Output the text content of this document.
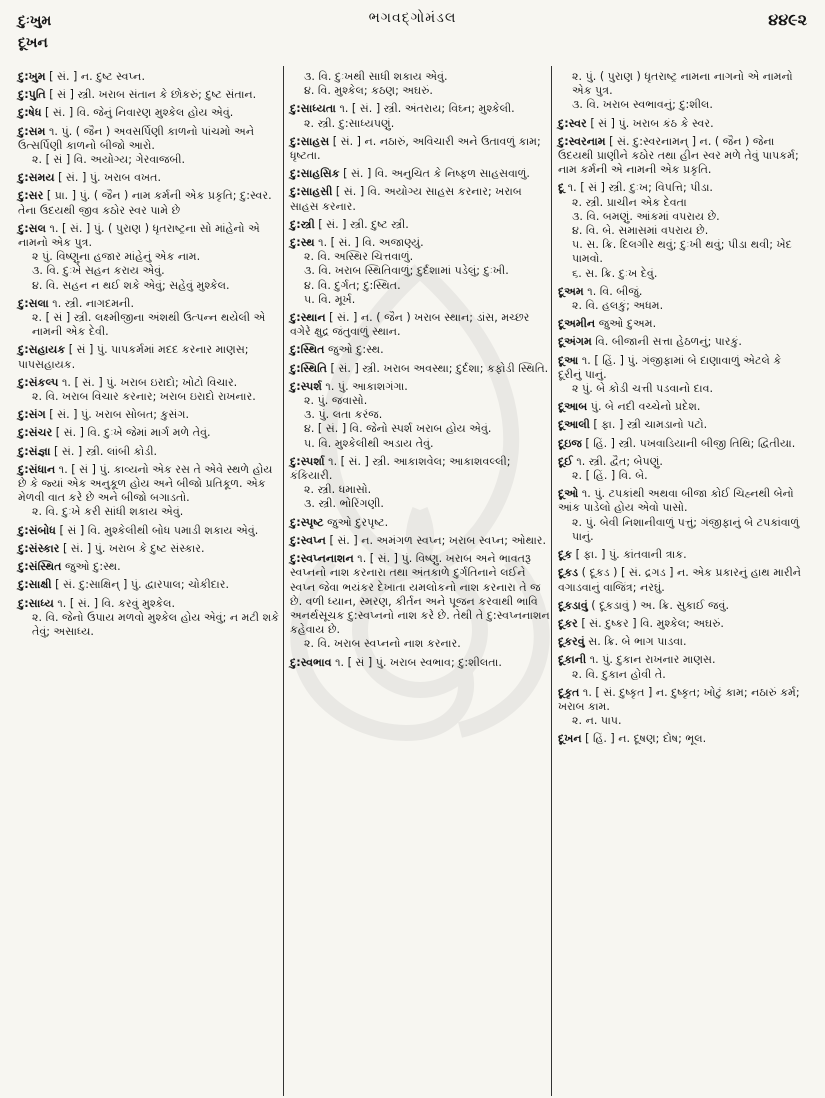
દુઃખુમ
દૂખન
ભગવદ્ગોમંડલ	૪૪૯૨
દુ:ખુમ [ સં. ] ન. દુષ્ટ સ્વપ્ન.
દુ:પુતિ [ સં ] સ્ત્રી. ખરાબ સંતાન કે છોકરું; દુષ્ટ સંતાન.
દુ:ષેધ [ સં. ] વિ. જેનું નિવારણ મુશ્કેલ હોય એવું.
દુ:સમ ૧. પું. ( જૈન ) અવસર્પિણી કાળનો પાંચમો અને ઉત્સર્પિણી કાળનો બીજો આરો.
૨. [ સં ] વિ. અયોગ્ય; ગેરવાજબી.
દુ:સમય [ સં. ] પું. ખરાબ વખત.
દુ:સર [ પ્રા. ] પું. ( જૈન ) નામ કર્મની એક પ્રકૃતિ; દુ:સ્વર. તેના ઉદયથી જીવ કઠોર સ્વર પામે છે
દુ:સલ ૧. [ સં. ] પું. ( પુરાણ ) ધૃતરાષ્ટ્રના સો માંહેનો એ નામનો એક પુત્ર.
૨ પું. વિષ્ણુના હજાર માંહેનું એક નામ.
૩. વિ. દુઃખે સહન કરાય એવું.
૪. વિ. સહન ન થઈ શકે એવું; સહેવું મુશ્કેલ.
દુ:સલા ૧. સ્ત્રી. નાગદમની.
૨. [ સં ] સ્ત્રી. લક્ષ્મીજીના અંશથી ઉત્પન્ન થયેલી એ નામની એક દેવી.
દુ:સહાયક [ સં ] પું. પાપકર્મમાં મદદ કરનાર માણસ; પાપસહાયક.
દુ:સંકલ્પ ૧. [ સં. ] પું. ખરાબ ઇરાદો; ખોટો વિચાર.
૨. વિ. ખરાબ વિચાર કરનાર; ખરાબ ઇરાદો રાખનાર.
દુ:સંગ [ સં. ] પું. ખરાબ સોબત; કુસંગ.
દુ:સંચર [ સં. ] વિ. દુઃખે જેમાં માર્ગ મળે તેવું.
દુ:સંજ્ઞા [ સં. ] સ્ત્રી. લાંબી કોડી.
દુ:સંધાન ૧. [ સં ] પું. કાવ્યનો એક રસ તે એવે સ્થળે હોય છે કે જ્યાં એક અનુકૂળ હોય અને બીજો પ્રતિકૂળ. એક મેળવી વાત કરે છે અને બીજો બગાડતો.
૨. વિ. દુઃખે કરી સાંધી શકાય એવું.
દુ:સંબોધ [ સં ] વિ. મુશ્કેલીથી બોધ પમાડી શકાય એવું.
દુ:સંસ્કાર [ સં. ] પું. ખરાબ કે દુષ્ટ સંસ્કાર.
દુ:સંસ્થિત જુઓ દુ:સ્થ.
દુ:સાક્ષી [ સં. દુ:સાક્ષિન્ ] પું. દ્વારપાલ; ચોકીદાર.
દુ:સાધ્ય ૧. [ સં. ] વિ. કરવું મુશ્કેલ.
૨. વિ. જેનો ઉપાય મળવો મુશ્કેલ હોય એવું; ન મટી શકે તેવું; અસાધ્ય.
૩. વિ. દુઃખથી સાધી શકાય એવું.
૪. વિ. મુશ્કેલ; કઠણ; અઘરું.
દુ:સાધ્યતા ૧. [ સં. ] સ્ત્રી. અંતરાય; વિઘ્ન; મુશ્કેલી.
૨. સ્ત્રી. દુ:સાધ્યપણું.
દુ:સાહસ [ સં. ] ન. નઠારું, અવિચારી અને ઉતાવળું કામ; ધૃષ્ટતા.
દુ:સાહસિક [ સં. ] વિ. અનુચિત કે નિષ્ફળ સાહસવાળું.
દુ:સાહસી [ સં. ] વિ. અયોગ્ય સાહસ કરનાર; ખરાબ સાહસ કરનાર.
દુ:સ્ત્રી [ સં. ] સ્ત્રી. દુષ્ટ સ્ત્રી.
દુ:સ્થ ૧. [ સં. ] વિ. અજાણ્યું.
૨. વિ. અસ્થિર ચિત્તવાળું.
૩. વિ. ખરાબ સ્થિતિવાળું; દુર્દશામાં પડેલું; દુઃખી.
૪. વિ. દુર્ગત; દુ:સ્થિત.
૫. વિ. મૂર્ખ.
દુ:સ્થાન [ સં. ] ન. ( જૈન ) ખરાબ સ્થાન; ડાંસ, મચ્છર વગેરે ક્ષુદ્ર જંતુવાળું સ્થાન.
દુ:સ્થિત જુઓ દુ:સ્થ.
દુ:સ્થિતિ [ સં. ] સ્ત્રી. ખરાબ અવસ્થા; દુર્દશા; કફોડી સ્થિતિ.
દુ:સ્પર્શ ૧. પું. આકાશગંગા.
૨. પું. જવાસો.
૩. પું. લતા કરંજ.
૪. [ સં. ] વિ. જેનો સ્પર્શ ખરાબ હોય એવું.
૫. વિ. મુશ્કેલીથી અડાય તેવું.
દુ:સ્પર્શા ૧. [ સં. ] સ્ત્રી. આકાશવેલ; આકાશવલ્લી; કંકિયારી.
૨. સ્ત્રી. ધમાસો.
૩. સ્ત્રી. ભોરિંગણી.
દુ:સ્પૃષ્ટ જુઓ દુરપૃષ્ટ.
દુ:સ્વપ્ન [ સં. ] ન. અમંગળ સ્વપ્ન; ખરાબ સ્વપ્ન; ઓથાર.
દુ:સ્વપ્નનાશન ૧. [ સં. ] પું. વિષ્ણુ. ખરાબ અને ભાવતરૂ સ્વપ્નનો નાશ કરનારા તથા અંતકાળે દુર્ગતિનાને લઈને સ્વપ્ન જેવા ભયંકર દેખાતા યમલોકનો નાશ કરનારા તે જ છે. વળી ધ્યાન, સ્મરણ, કીર્તન અને પૂજન કરવાથી ભાવિ અનર્થસૂચક દુ:સ્વપ્નનો નાશ કરે છે. તેથી તે દુ:સ્વપ્નનાશન કહેવાય છે.
૨. વિ. ખરાબ સ્વપ્નનો નાશ કરનાર.
દુ:સ્વભાવ ૧. [ સં ] પું. ખરાબ સ્વભાવ; દુ:શીલતા.
૨. પું. ( પુરાણ ) ધૃતરાષ્ટ્ર નામના નાગનો એ નામનો એક પુત્ર.
૩. વિ. ખરાબ સ્વભાવનું; દુ:શીલ.
દુ:સ્વર [ સં ] પું. ખરાબ કંઠ કે સ્વર.
દુ:સ્વરનામ [ સં. દુ:સ્વરનામન્ ] ન. ( જૈન ) જેના ઉદયથી પ્રાણીને કઠોર તથા હીન સ્વર મળે તેવું પાપકર્મ; નામ કર્મની એ નામની એક પ્રકૃતિ.
દૂ ૧. [ સં ] સ્ત્રી. દુઃખ; વિપત્તિ; પીડા.
૨. સ્ત્રી. પ્રાચીન એક દેવતા
૩. વિ. બમણું. આંકમાં વપરાય છે.
૪. વિ. બે. સમાસમાં વપરાય છે.
૫. સ. ક્રિ. દિલગીર થવું; દુઃખી થવું; પીડા થવી; ખેદ પામવો.
૬. સ. ક્રિ. દુઃખ દેવું.
દૂઅમ ૧. વિ. બીજું.
૨. વિ. હલકું; અધમ.
દૂઅમીન જુઓ દુઅમ.
દૂઅંગમ વિ. બીજાની સત્તા હેઠળનું; પારકું.
દૂઆ ૧. [ હિં. ] પું. ગંજીફામાં બે દાણાવાળું એટલે કે દૂરીનું પાનું.
૨ પું. બે કોડી ચત્તી પડવાનો દાવ.
દૂઆબ પું. બે નદી વચ્ચેનો પ્રદેશ.
દૂઆલી [ ફા. ] સ્ત્રી ચામડાનો પટો.
દૂઇજ [ હિં. ] સ્ત્રી. પખવાડિયાની બીજી તિથિ; દ્વિતીયા.
દૂઈ ૧. સ્ત્રી. દ્વૈત; બેપણું.
૨. [ હિં. ] વિ. બે.
દૂઓ ૧. પું. ટપકાંથી અથવા બીજા કોઈ ચિહ્નથી બેનો આંક પાડેલો હોય એવો પાસો.
૨. પું. બેવી નિશાનીવાળું પત્તું; ગંજીફાનું બે ટપકાંવાળું પાનું.
દૂક [ ફા. ] પું. કાંતવાની ત્રાક.
દૂકડ ( દૂકડ ) [ સં. દ્રગડ ] ન. એક પ્રકારનું હાથ મારીને વગાડવાનું વાજિંત્ર; નરઘું.
દૂકડાવું ( દૂકડાવું ) અ. ક્રિ. સુકાઈ જવું.
દૂકર [ સં. દુષ્કર ] વિ. મુશ્કેલ; અઘરું.
દૂકરવું સ. ક્રિ. બે ભાગ પાડવા.
દૂકાની ૧. પું. દુકાન રાખનાર માણસ.
૨. વિ. દુકાન હોવી તે.
દૂકૃત ૧. [ સં. દુષ્કૃત ] ન. દુષ્કૃત; ખોટું કામ; નઠારું કર્મ; ખરાબ કામ.
૨. ન. પાપ.
દૂખન [ હિં. ] ન. દૂષણ; દોષ; ભૂલ.
